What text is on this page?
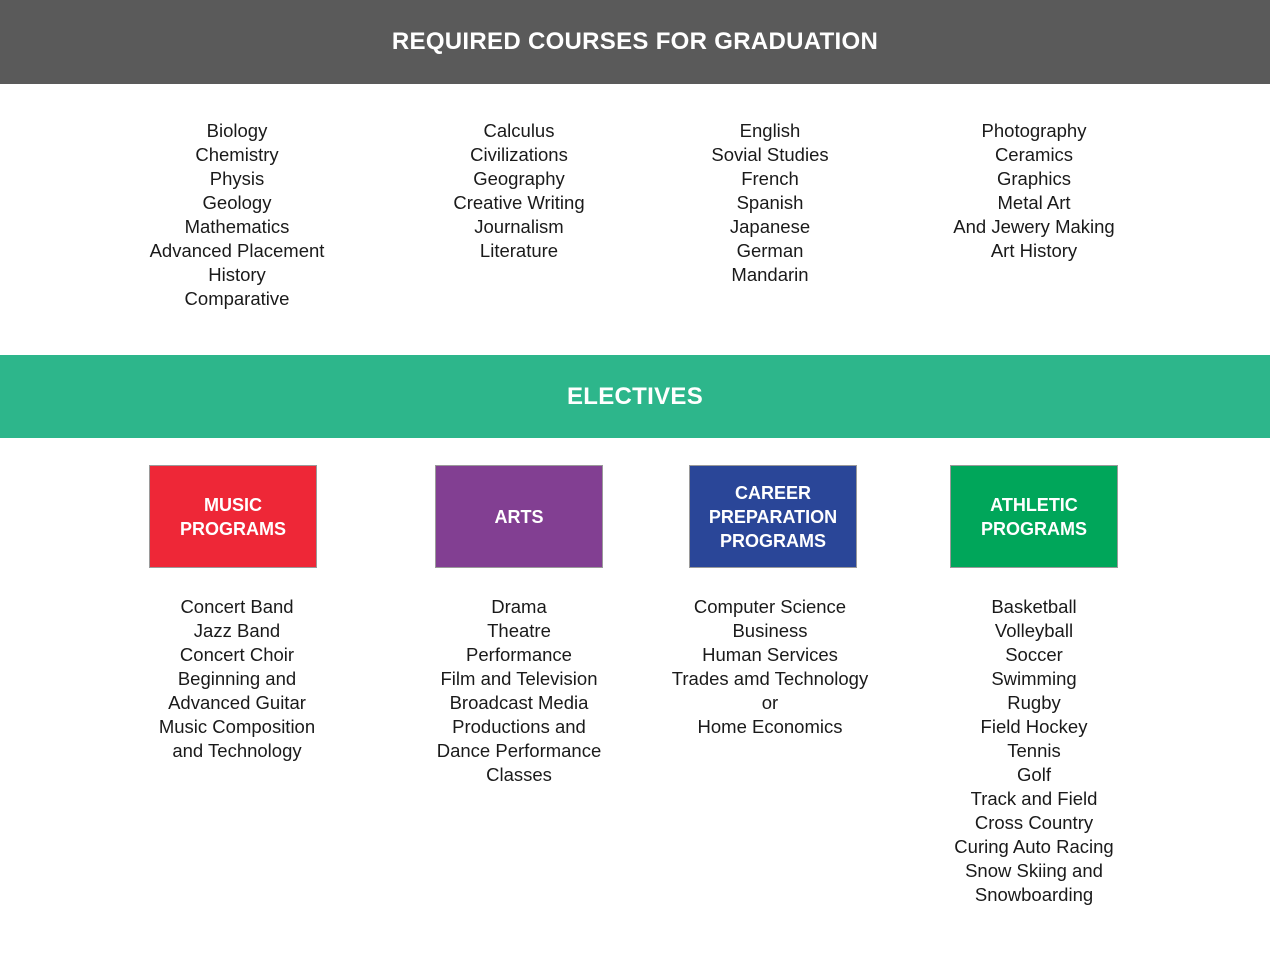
REQUIRED COURSES FOR GRADUATION
Biology
Chemistry
Physis
Geology
Mathematics
Advanced Placement
History
Comparative
Calculus
Civilizations
Geography
Creative Writing
Journalism
Literature
English
Sovial Studies
French
Spanish
Japanese
German
Mandarin
Photography
Ceramics
Graphics
Metal Art
And Jewery Making
Art History
ELECTIVES
MUSIC
PROGRAMS
ARTS
CAREER
PREPARATION
PROGRAMS
ATHLETIC
PROGRAMS
Concert Band
Jazz Band
Concert Choir
Beginning and
Advanced Guitar
Music Composition
and Technology
Drama
Theatre
Performance
Film and Television
Broadcast Media
Productions and
Dance Performance
Classes
Computer Science
Business
Human Services
Trades amd Technology
or
Home Economics
Basketball
Volleyball
Soccer
Swimming
Rugby
Field Hockey
Tennis
Golf
Track and Field
Cross Country
Curing Auto Racing
Snow Skiing and
Snowboarding
